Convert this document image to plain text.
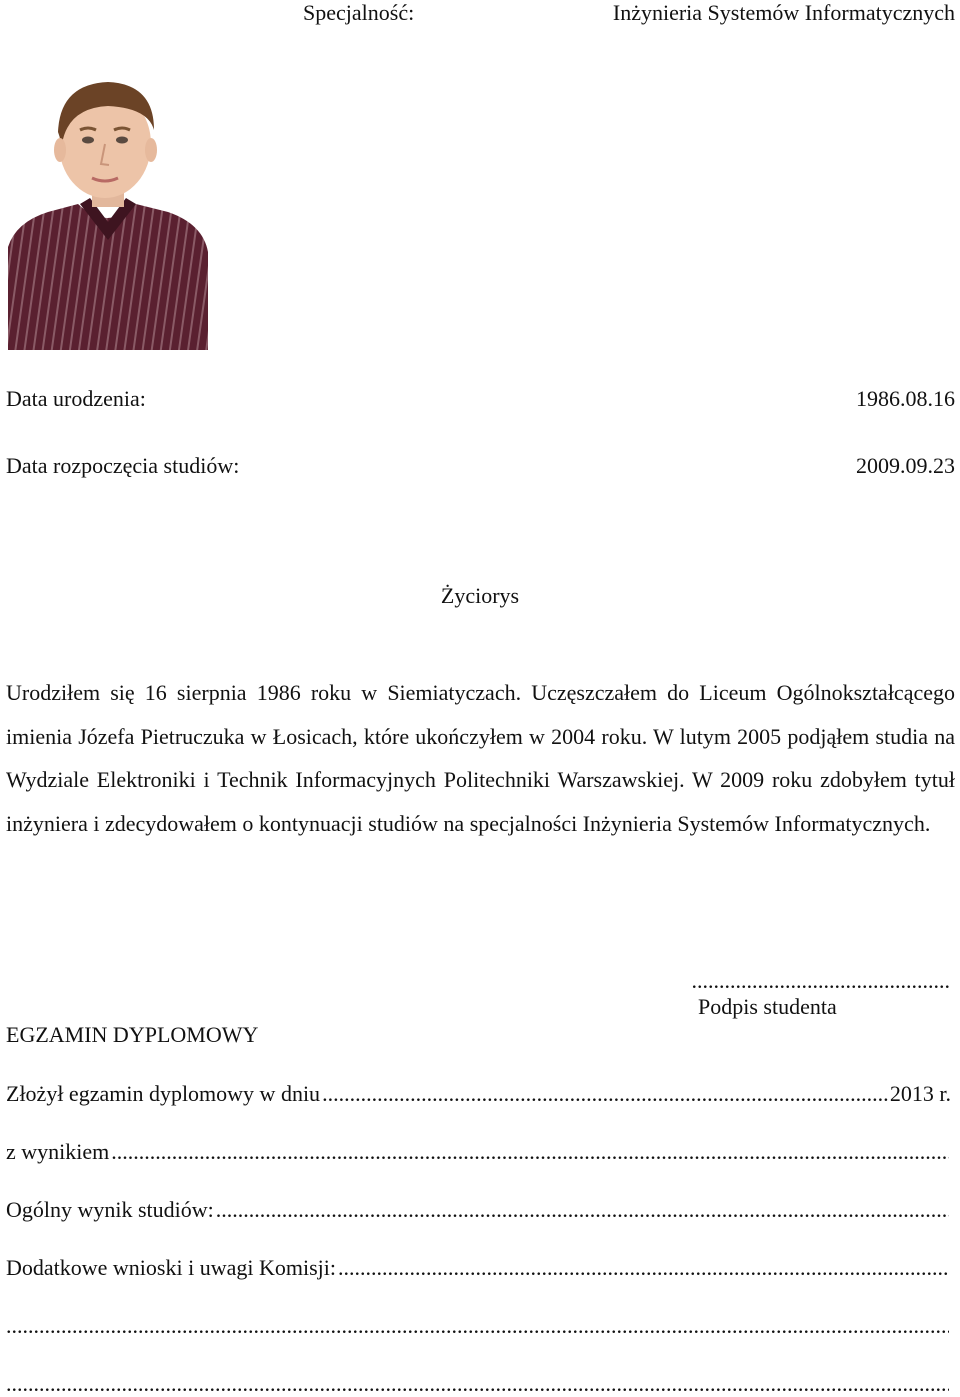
Specjalność:	Inżynieria Systemów Informatycznych
Data urodzenia:	1986.08.16
Data rozpoczęcia studiów:	2009.09.23
Życiorys

Urodziłem się 16 sierpnia 1986 roku w Siemiatyczach. Uczęszczałem do Liceum Ogólnokształcącego imienia Józefa Pietruczuka w Łosicach, które ukończyłem w 2004 roku. W lutym 2005 podjąłem studia na Wydziale Elektroniki i Technik Informacyjnych Politechniki Warszawskiej. W 2009 roku zdobyłem tytuł inżyniera i zdecydowałem o kontynuacji studiów na specjalności Inżynieria Systemów Informatycznych.

...............................................
Podpis studenta
EGZAMIN DYPLOMOWY
Złożył egzamin dyplomowy w dniu
.....	2013 r.
z wynikiem
.....
Ogólny wynik studiów:
.....
Dodatkowe wnioski i uwagi Komisji:
.....
.....
.....
